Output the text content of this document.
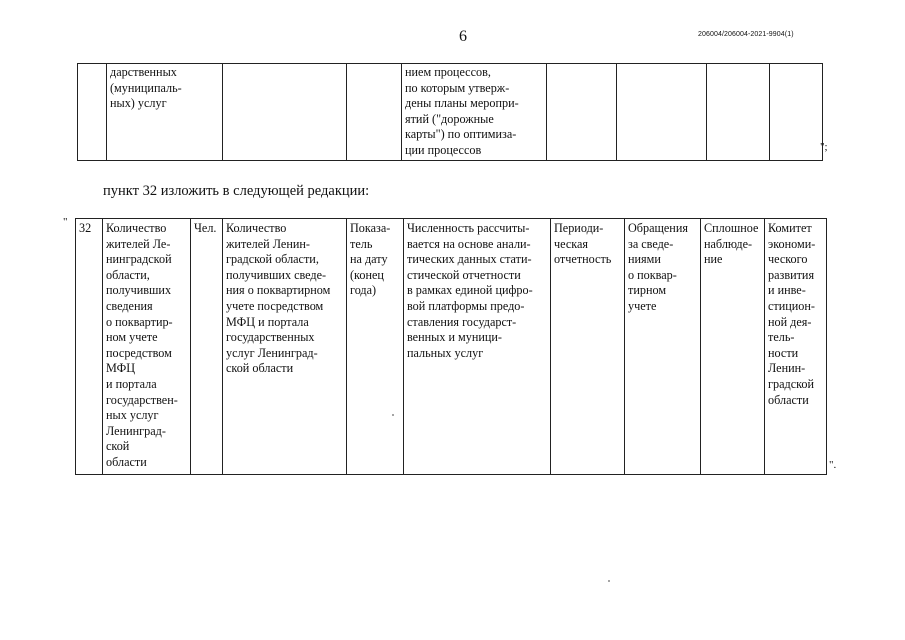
6	206004/206004-2021-9904(1)
	дарственных
(муниципаль-
ных) услуг			нием процессов,
по которым утверж-
дены планы меропри-
ятий ("дорожные
карты") по оптимиза-
ции процессов					";
пункт 32 изложить в следующей редакции:
" 32	Количество
жителей Ле-
нинградской
области,
получивших
сведения
о поквартир-
ном учете
посредством
МФЦ
и портала
государствен-
ных услуг
Ленинград-
ской
области	Чел.	Количество
жителей Ленин-
градской области,
получивших сведе-
ния о поквартирном
учете посредством
МФЦ и портала
государственных
услуг Ленинград-
ской области	Показа-
тель
на дату
(конец
года)	Численность рассчиты-
вается на основе анали-
тических данных стати-
стической отчетности
в рамках единой цифро-
вой платформы предо-
ставления государст-
венных и муници-
пальных услуг	Периоди-
ческая
отчетность	Обращения
за сведе-
ниями
о поквар-
тирном
учете	Сплошное
наблюде-
ние	Комитет
экономи-
ческого
развития
и инве-
стицион-
ной дея-
тель-
ности
Ленин-
градской
области
".
